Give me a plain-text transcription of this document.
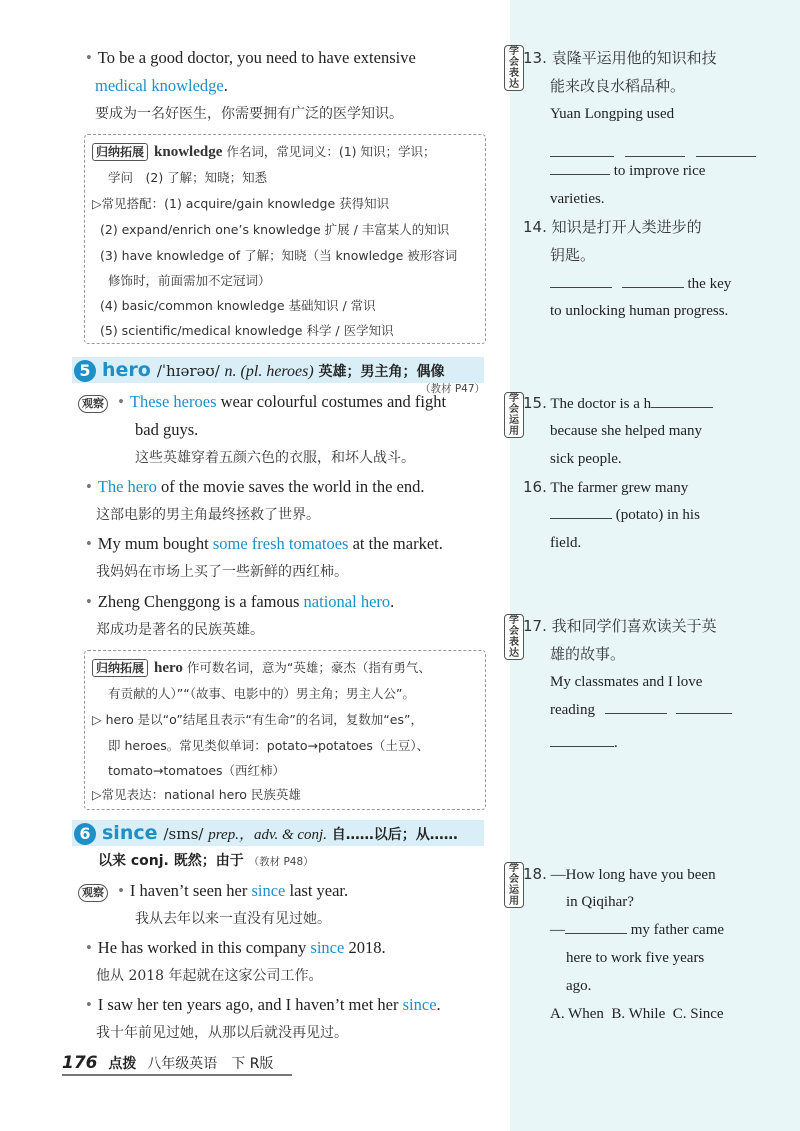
• To be a good doctor, you need to have extensive
medical knowledge.
要成为一名好医生，你需要拥有广泛的医学知识。
归纳拓展 knowledge 作名词，常见词义：(1) 知识；学识；
学问　(2) 了解；知晓；知悉
▷常见搭配：(1) acquire/gain knowledge 获得知识
(2) expand/enrich one’s knowledge 扩展 / 丰富某人的知识
(3) have knowledge of 了解；知晓（当 knowledge 被形容词
修饰时，前面需加不定冠词）
(4) basic/common knowledge 基础知识 / 常识
(5) scientific/medical knowledge 科学 / 医学知识
5 hero /ˈhɪərəʊ/ n. (pl. heroes) 英雄；男主角；偶像
（教材 P47）
观察 • These heroes wear colourful costumes and fight
bad guys.
这些英雄穿着五颜六色的衣服，和坏人战斗。
• The hero of the movie saves the world in the end.
这部电影的男主角最终拯救了世界。
• My mum bought some fresh tomatoes at the market.
我妈妈在市场上买了一些新鲜的西红柿。
• Zheng Chenggong is a famous national hero.
郑成功是著名的民族英雄。
归纳拓展 hero 作可数名词，意为“英雄；豪杰（指有勇气、
有贡献的人）”“（故事、电影中的）男主角；男主人公”。
▷ hero 是以“o”结尾且表示“有生命”的名词，复数加“es”，
即 heroes。常见类似单词：potato→potatoes（土豆）、
tomato→tomatoes（西红柿）
▷常见表达：national hero 民族英雄
6 since /sɪns/ prep.，adv. & conj. 自……以后；从……
以来 conj. 既然；由于 （教材 P48）
观察 • I haven’t seen her since last year.
我从去年以来一直没有见过她。
• He has worked in this company since 2018.
他从 2018 年起就在这家公司工作。
• I saw her ten years ago, and I haven’t met her since.
我十年前见过她，从那以后就没再见过。
176 点拨 八年级英语　下 R版
学会表达
13. 袁隆平运用他的知识和技
能来改良水稻品种。
Yuan Longping used

to improve rice
varieties.
14. 知识是打开人类进步的
钥匙。
the key
to unlocking human progress.
学会运用
15. The doctor is a h
because she helped many
sick people.
16. The farmer grew many
(potato) in his
field.
学会表达
17. 我和同学们喜欢读关于英
雄的故事。
My classmates and I love
reading
.
学会运用
18. —How long have you been
in Qiqihar?
—	my father came
here to work five years
ago.
A. When  B. While  C. Since
